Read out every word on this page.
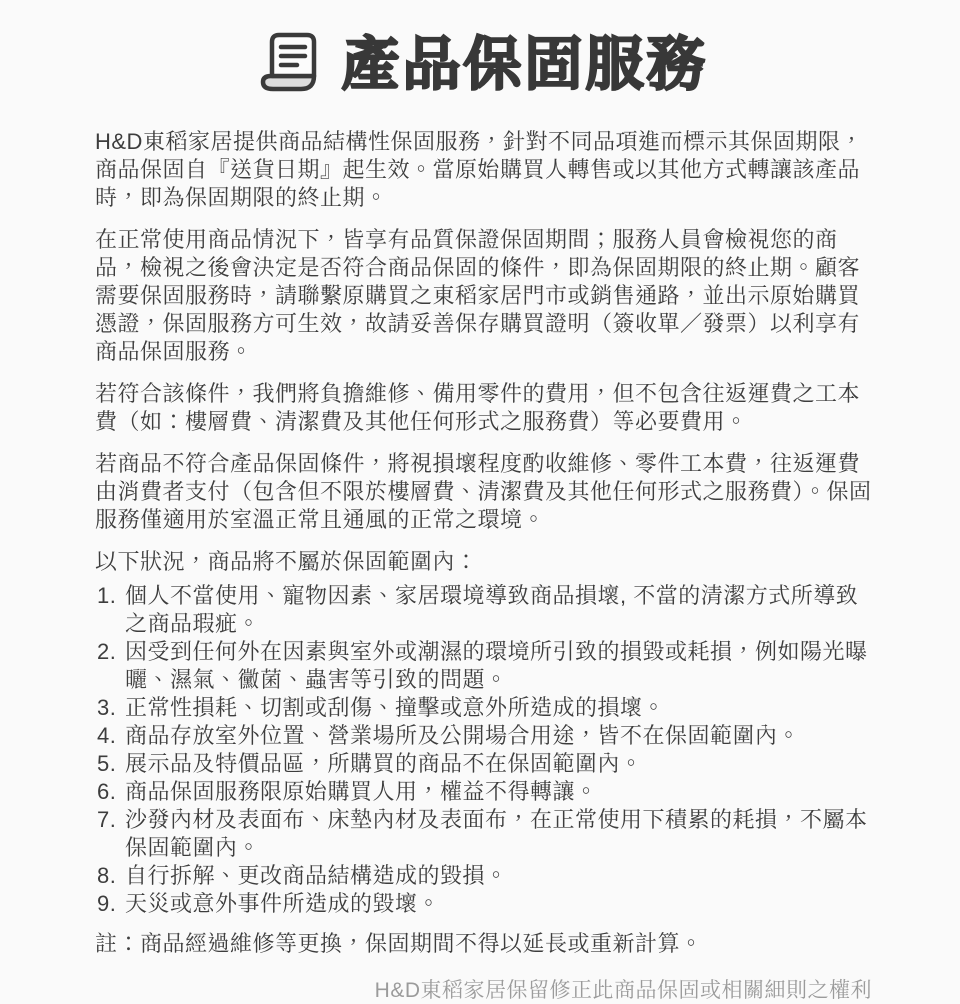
產品保固服務

H&D東稻家居提供商品結構性保固服務，針對不同品項進而標示其保固期限，商品保固自『送貨日期』起生效。當原始購買人轉售或以其他方式轉讓該產品時，即為保固期限的終止期。

在正常使用商品情況下，皆享有品質保證保固期間；服務人員會檢視您的商品，檢視之後會決定是否符合商品保固的條件，即為保固期限的終止期。顧客需要保固服務時，請聯繫原購買之東稻家居門市或銷售通路，並出示原始購買憑證，保固服務方可生效，故請妥善保存購買證明（簽收單／發票）以利享有商品保固服務。

若符合該條件，我們將負擔維修、備用零件的費用，但不包含往返運費之工本費（如：樓層費、清潔費及其他任何形式之服務費）等必要費用。

若商品不符合產品保固條件，將視損壞程度酌收維修、零件工本費，往返運費由消費者支付（包含但不限於樓層費、清潔費及其他任何形式之服務費）。保固服務僅適用於室溫正常且通風的正常之環境。

以下狀況，商品將不屬於保固範圍內：

1. 個人不當使用、寵物因素、家居環境導致商品損壞, 不當的清潔方式所導致之商品瑕疵。
2. 因受到任何外在因素與室外或潮濕的環境所引致的損毀或耗損，例如陽光曝曬、濕氣、黴菌、蟲害等引致的問題。
3. 正常性損耗、切割或刮傷、撞擊或意外所造成的損壞。
4. 商品存放室外位置、營業場所及公開場合用途，皆不在保固範圍內。
5. 展示品及特價品區，所購買的商品不在保固範圍內。
6. 商品保固服務限原始購買人用，權益不得轉讓。
7. 沙發內材及表面布、床墊內材及表面布，在正常使用下積累的耗損，不屬本保固範圍內。
8. 自行拆解、更改商品結構造成的毀損。
9. 天災或意外事件所造成的毀壞。

註：商品經過維修等更換，保固期間不得以延長或重新計算。

H&D東稻家居保留修正此商品保固或相關細則之權利
